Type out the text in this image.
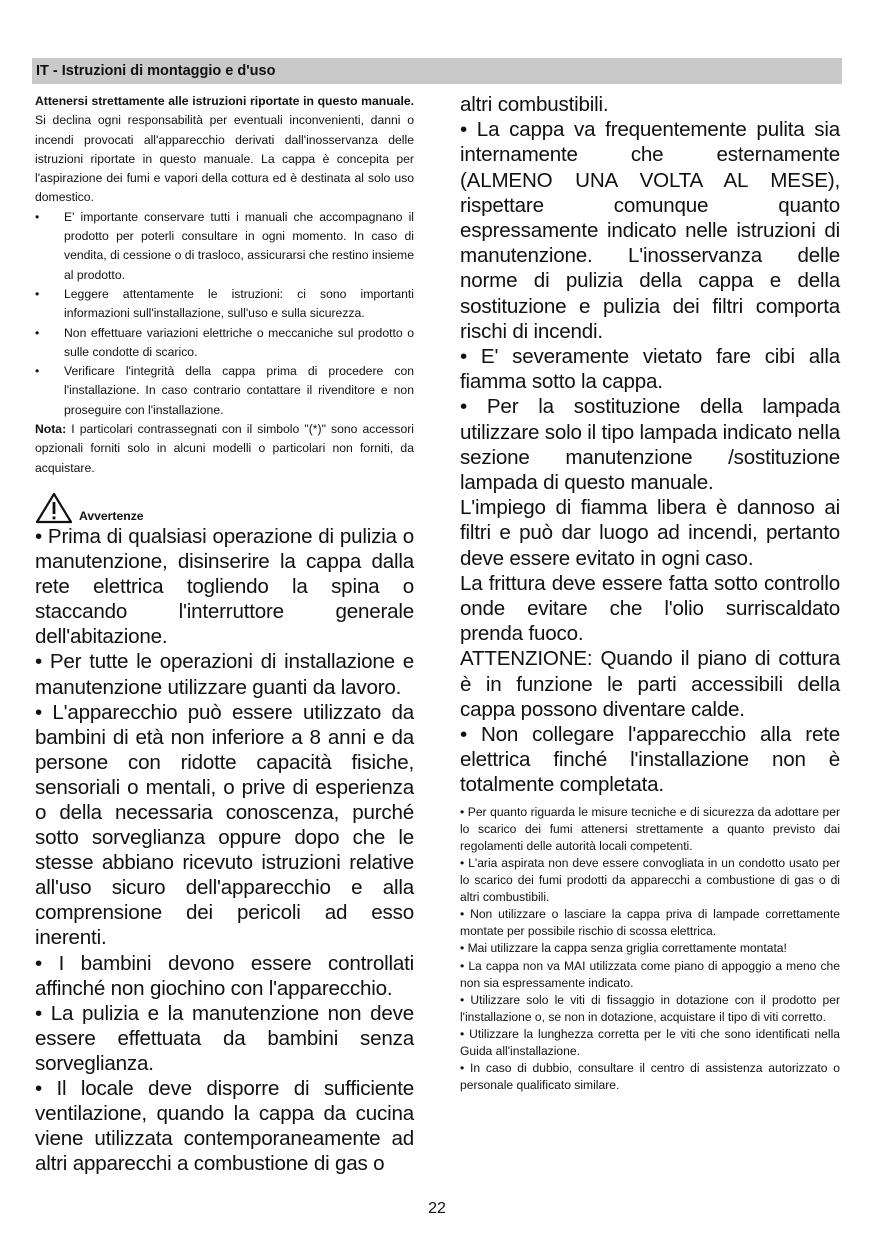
IT - Istruzioni di montaggio e d'uso

Attenersi strettamente alle istruzioni riportate in questo manuale. Si declina ogni responsabilità per eventuali inconvenienti, danni o incendi provocati all'apparecchio derivati dall'inosservanza delle istruzioni riportate in questo manuale. La cappa è concepita per l'aspirazione dei fumi e vapori della cottura ed è destinata al solo uso domestico.

• E' importante conservare tutti i manuali che accompagnano il prodotto per poterli consultare in ogni momento. In caso di vendita, di cessione o di trasloco, assicurarsi che restino insieme al prodotto.
• Leggere attentamente le istruzioni: ci sono importanti informazioni sull'installazione, sull'uso e sulla sicurezza.
• Non effettuare variazioni elettriche o meccaniche sul prodotto o sulle condotte di scarico.
• Verificare l'integrità della cappa prima di procedere con l'installazione. In caso contrario contattare il rivenditore e non proseguire con l'installazione.

Nota: I particolari contrassegnati con il simbolo "(*)" sono accessori opzionali forniti solo in alcuni modelli o particolari non forniti, da acquistare.

Avvertenze

• Prima di qualsiasi operazione di pulizia o manutenzione, disinserire la cappa dalla rete elettrica togliendo la spina o staccando l'interruttore generale dell'abitazione.

• Per tutte le operazioni di installazione e manutenzione utilizzare guanti da lavoro.

• L'apparecchio può essere utilizzato da bambini di età non inferiore a 8 anni e da persone con ridotte capacità fisiche, sensoriali o mentali, o prive di esperienza o della necessaria conoscenza, purché sotto sorveglianza oppure dopo che le stesse abbiano ricevuto istruzioni relative all'uso sicuro dell'apparecchio e alla comprensione dei pericoli ad esso inerenti.

• I bambini devono essere controllati affinché non giochino con l'apparecchio.

• La pulizia e la manutenzione non deve essere effettuata da bambini senza sorveglianza.

• Il locale deve disporre di sufficiente ventilazione, quando la cappa da cucina viene utilizzata contemporaneamente ad altri apparecchi a combustione di gas o

altri combustibili.

• La cappa va frequentemente pulita sia internamente che esternamente (ALMENO UNA VOLTA AL MESE), rispettare comunque quanto espressamente indicato nelle istruzioni di manutenzione. L'inosservanza delle norme di pulizia della cappa e della sostituzione e pulizia dei filtri comporta rischi di incendi.

• E' severamente vietato fare cibi alla fiamma sotto la cappa.

• Per la sostituzione della lampada utilizzare solo il tipo lampada indicato nella sezione manutenzione /sostituzione lampada di questo manuale.

L'impiego di fiamma libera è dannoso ai filtri e può dar luogo ad incendi, pertanto deve essere evitato in ogni caso.

La frittura deve essere fatta sotto controllo onde evitare che l'olio surriscaldato prenda fuoco.

ATTENZIONE: Quando il piano di cottura è in funzione le parti accessibili della cappa possono diventare calde.

• Non collegare l'apparecchio alla rete elettrica finché l'installazione non è totalmente completata.

• Per quanto riguarda le misure tecniche e di sicurezza da adottare per lo scarico dei fumi attenersi strettamente a quanto previsto dai regolamenti delle autorità locali competenti.

• L'aria aspirata non deve essere convogliata in un condotto usato per lo scarico dei fumi prodotti da apparecchi a combustione di gas o di altri combustibili.

• Non utilizzare o lasciare la cappa priva di lampade correttamente montate per possibile rischio di scossa elettrica.

• Mai utilizzare la cappa senza griglia correttamente montata!

• La cappa non va MAI utilizzata come piano di appoggio a meno che non sia espressamente indicato.

• Utilizzare solo le viti di fissaggio in dotazione con il prodotto per l'installazione o, se non in dotazione, acquistare il tipo di viti corretto.

• Utilizzare la lunghezza corretta per le viti che sono identificati nella Guida all'installazione.

• In caso di dubbio, consultare il centro di assistenza autorizzato o personale qualificato similare.

22
